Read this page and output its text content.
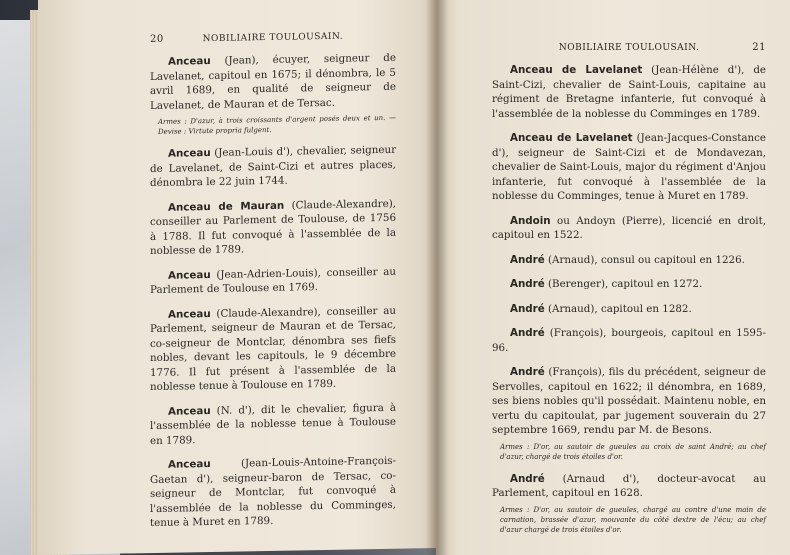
20	NOBILIAIRE TOULOUSAIN.

Anceau (Jean), écuyer, seigneur de Lavelanet, capitoul en 1675; il dénombra, le 5 avril 1689, en qualité de seigneur de Lavelanet, de Mauran et de Tersac.

Armes : D'azur, à trois croissants d'argent posés deux et un. — Devise : Virtute propria fulgent.

Anceau (Jean-Louis d'), chevalier, seigneur de Lavelanet, de Saint-Cizi et autres places, dénombra le 22 juin 1744.

Anceau de Mauran (Claude-Alexandre), conseiller au Parlement de Toulouse, de 1756 à 1788. Il fut convoqué à l'assemblée de la noblesse de 1789.

Anceau (Jean-Adrien-Louis), conseiller au Parlement de Toulouse en 1769.

Anceau (Claude-Alexandre), conseiller au Parlement, seigneur de Mauran et de Tersac, co-seigneur de Montclar, dénombra ses fiefs nobles, devant les capitouls, le 9 décembre 1776. Il fut présent à l'assemblée de la noblesse tenue à Toulouse en 1789.

Anceau (N. d'), dit le chevalier, figura à l'assemblée de la noblesse tenue à Toulouse en 1789.

Anceau (Jean-Louis-Antoine-François-Gaetan d'), seigneur-baron de Tersac, co-seigneur de Montclar, fut convoqué à l'assemblée de la noblesse du Comminges, tenue à Muret en 1789.

NOBILIAIRE TOULOUSAIN.	21

Anceau de Lavelanet (Jean-Hélène d'), de Saint-Cizi, chevalier de Saint-Louis, capitaine au régiment de Bretagne infanterie, fut convoqué à l'assemblée de la noblesse du Comminges en 1789.

Anceau de Lavelanet (Jean-Jacques-Constance d'), seigneur de Saint-Cizi et de Mondavezan, chevalier de Saint-Louis, major du régiment d'Anjou infanterie, fut convoqué à l'assemblée de la noblesse du Comminges, tenue à Muret en 1789.

Andoin ou Andoyn (Pierre), licencié en droit, capitoul en 1522.

André (Arnaud), consul ou capitoul en 1226.

André (Berenger), capitoul en 1272.

André (Arnaud), capitoul en 1282.

André (François), bourgeois, capitoul en 1595-96.

André (François), fils du précédent, seigneur de Servolles, capitoul en 1622; il dénombra, en 1689, ses biens nobles qu'il possédait. Maintenu noble, en vertu du capitoulat, par jugement souverain du 27 septembre 1669, rendu par M. de Besons.

Armes : D'or, au sautoir de gueules au croix de saint André; au chef d'azur, chargé de trois étoiles d'or.

André (Arnaud d'), docteur-avocat au Parlement, capitoul en 1628.

Armes : D'or, au sautoir de gueules, chargé au contre d'une main de carnation, brassée d'azur, mouvante du côté dextre de l'écu; au chef d'azur chargé de trois étoiles d'or.
